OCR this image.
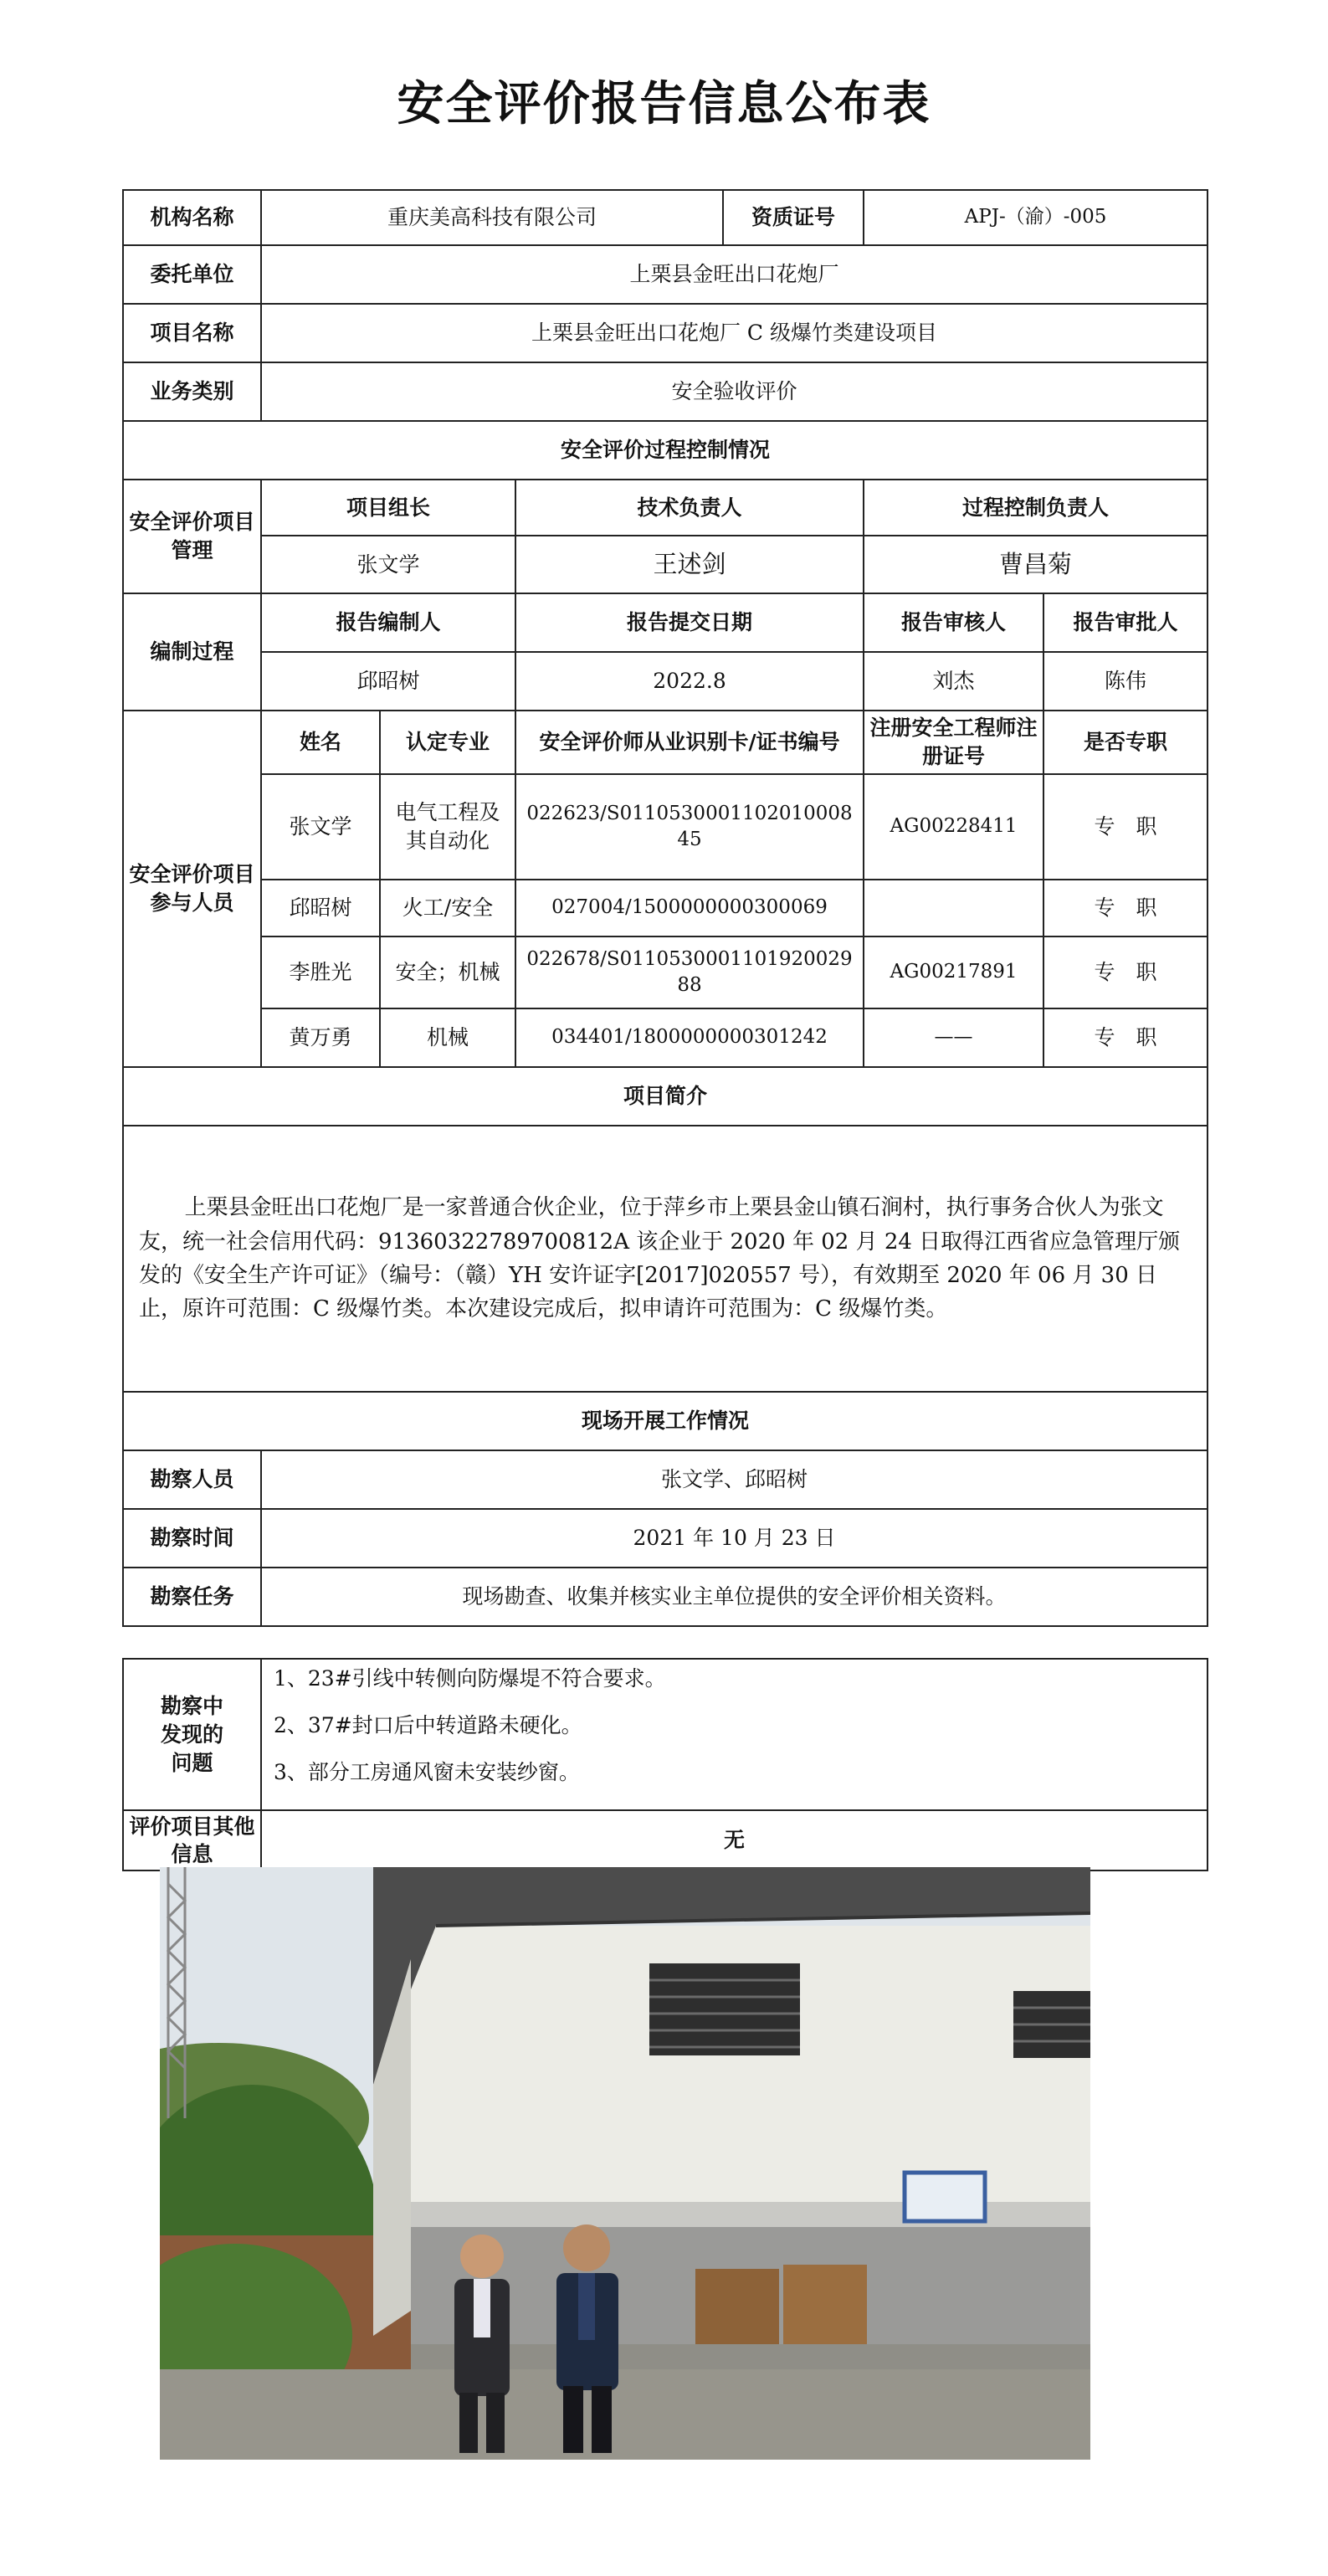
安全评价报告信息公布表
机构名称	重庆美高科技有限公司			资质证号	APJ-（渝）-005	
委托单位	上栗县金旺出口花炮厂					
项目名称	上栗县金旺出口花炮厂 C 级爆竹类建设项目					
业务类别	安全验收评价					
安全评价过程控制情况						
安全评价项目管理	项目组长		技术负责人		过程控制负责人	
	张文学		王述剑		曹昌菊	
编制过程	报告编制人		报告提交日期		报告审核人	报告审批人
	邱昭树		2022.8		刘杰	陈伟
安全评价项目参与人员	姓名	认定专业	安全评价师从业识别卡/证书编号		注册安全工程师注册证号	是否专职
	张文学	电气工程及其自动化	022623/S011053000110201000845		AG00228411	专　职
	邱昭树	火工/安全	027004/1500000000300069			专　职
	李胜光	安全；机械	022678/S011053000110192002988		AG00217891	专　职
	黄万勇	机械	034401/1800000000301242		——	专　职
项目简介						

上栗县金旺出口花炮厂是一家普通合伙企业，位于萍乡市上栗县金山镇石涧村，执行事务合伙人为张文友，统一社会信用代码：91360322789700812A 该企业于 2020 年 02 月 24 日取得江西省应急管理厅颁发的《安全生产许可证》（编号：（赣）YH 安许证字[2017]020557 号），有效期至 2020 年 06 月 30 日止，原许可范围：C 级爆竹类。本次建设完成后，拟申请许可范围为：C 级爆竹类。						

现场开展工作情况						
勘察人员	张文学、邱昭树					
勘察时间	2021 年 10 月 23 日					
勘察任务	现场勘查、收集并核实业主单位提供的安全评价相关资料。					
勘察中发现的问题	1、23#引线中转侧向防爆堤不符合要求。
2、37#封口后中转道路未硬化。
3、部分工房通风窗未安装纱窗。

评价项目其他信息	无
